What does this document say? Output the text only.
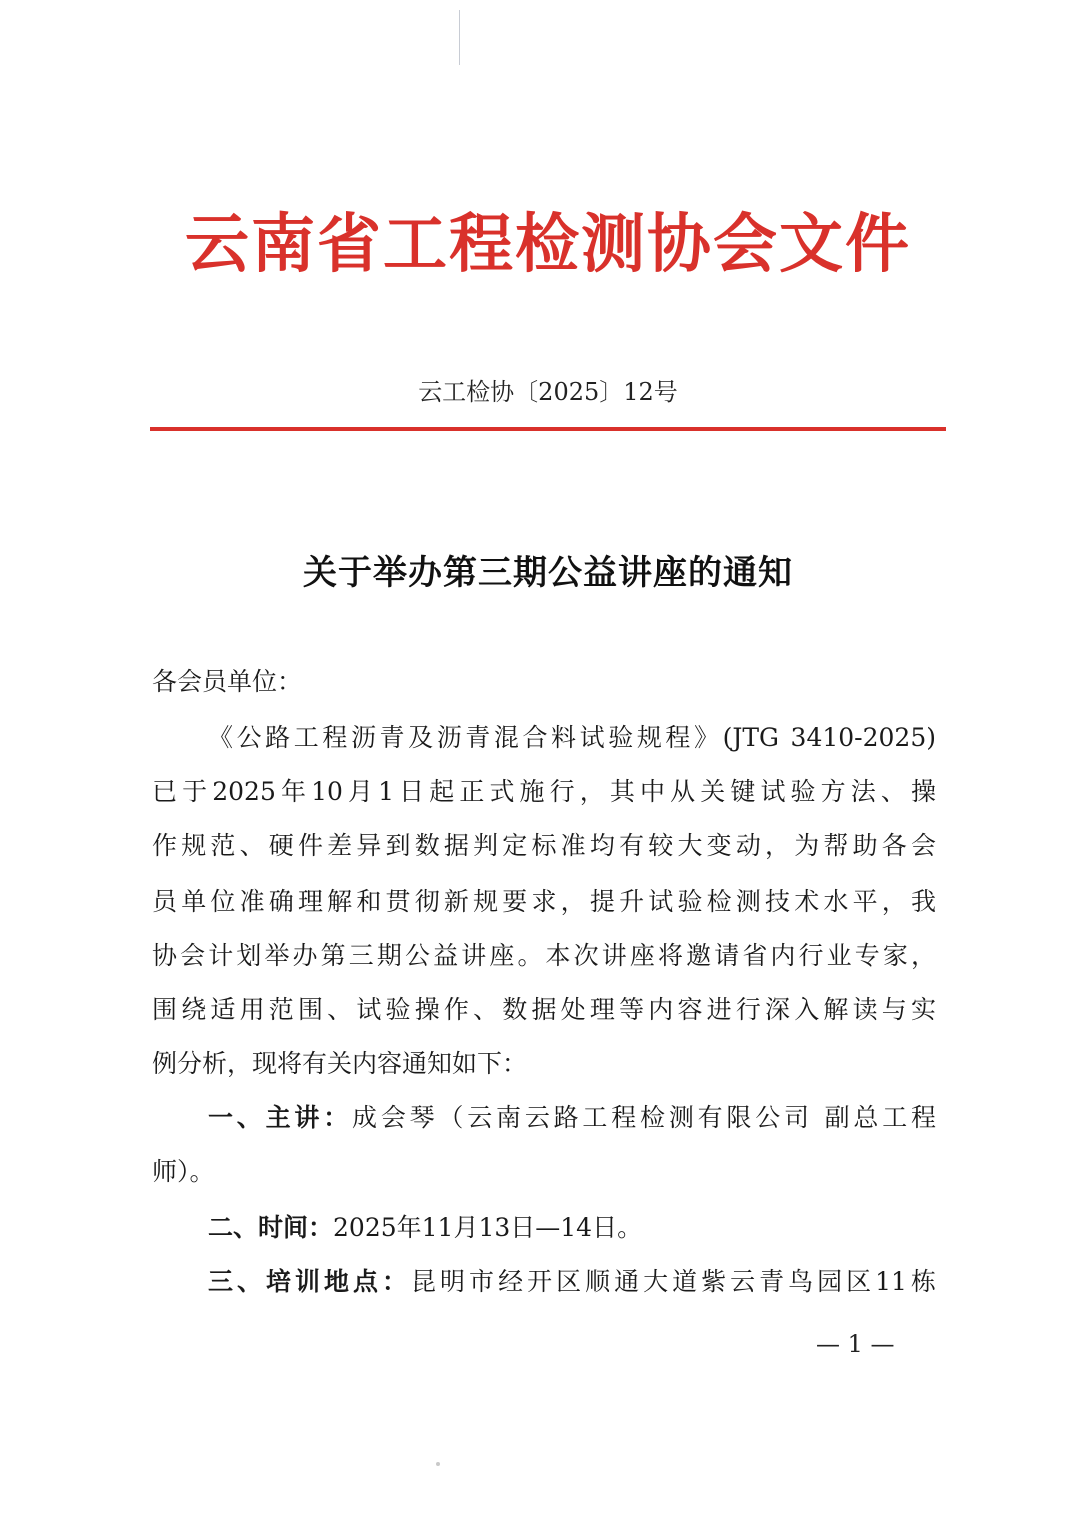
云南省工程检测协会文件
云工检协〔2025〕12号
关于举办第三期公益讲座的通知
各会员单位：
《公路工程沥青及沥青混合料试验规程》(JTG 3410-2025)
已于2025年10月1日起正式施行，其中从关键试验方法、操
作规范、硬件差异到数据判定标准均有较大变动，为帮助各会
员单位准确理解和贯彻新规要求，提升试验检测技术水平，我
协会计划举办第三期公益讲座。本次讲座将邀请省内行业专家，
围绕适用范围、试验操作、数据处理等内容进行深入解读与实
例分析，现将有关内容通知如下：
一、主讲：成会琴（云南云路工程检测有限公司 副总工程
师）。
二、时间：2025年11月13日—14日。
三、培训地点：昆明市经开区顺通大道紫云青鸟园区11栋
— 1 —
